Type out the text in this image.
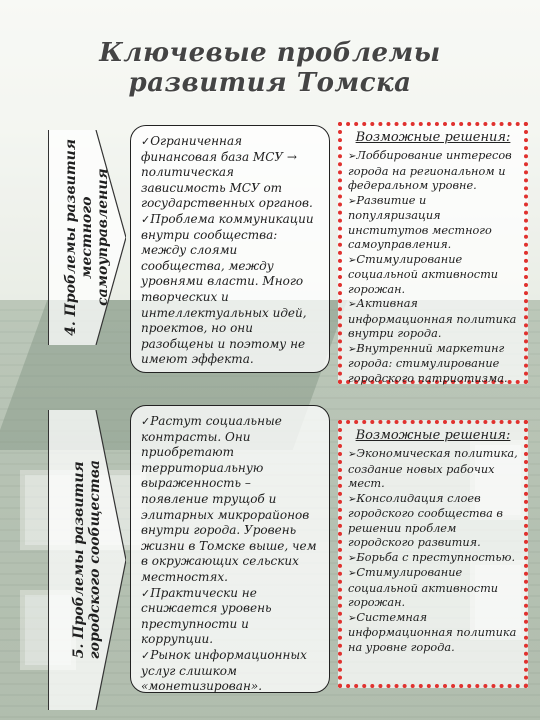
Ключевые проблемы
развития Томска
4. Проблемы развития местного самоуправления

✓Ограниченная финансовая база МСУ → политическая зависимость МСУ от государственных органов.

✓Проблема коммуникации внутри сообщества: между слоями сообщества, между уровнями власти. Много творческих и интеллектуальных идей, проектов, но они разобщены и поэтому не имеют эффекта.

Возможные решения:

➢Лоббирование интересов города на региональном и федеральном уровне.

➢Развитие и популяризация институтов местного самоуправления.

➢Стимулирование социальной активности горожан.

➢Активная информационная политика внутри города.

➢Внутренний маркетинг города: стимулирование городского патриотизма.

5. Проблемы развития городского сообщества

✓Растут социальные контрасты. Они приобретают территориальную выраженность – появление трущоб и элитарных микрорайонов внутри города. Уровень жизни в Томске выше, чем в окружающих сельских местностях.

✓Практически не снижается уровень преступности и коррупции.

✓Рынок информационных услуг слишком «монетизирован».

Возможные решения:

➢Экономическая политика, создание новых рабочих мест.

➢Консолидация слоев городского сообщества в решении проблем городского развития.

➢Борьба с преступностью.

➢Стимулирование социальной активности горожан.

➢Системная информационная политика на уровне города.
